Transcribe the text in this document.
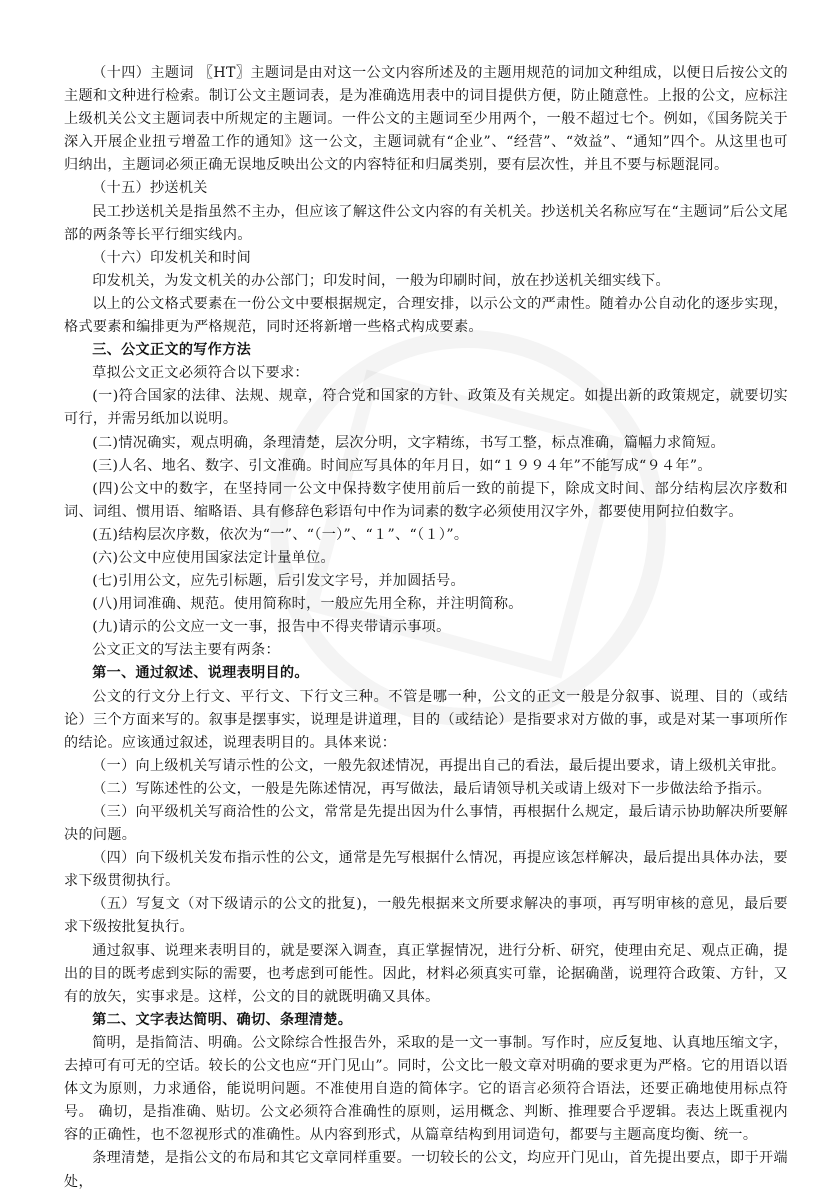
（十四）主题词 〖HT〗主题词是由对这一公文内容所述及的主题用规范的词加文种组成，以便日后按公文的主题和文种进行检索。制订公文主题词表，是为准确选用表中的词目提供方便，防止随意性。上报的公文，应标注上级机关公文主题词表中所规定的主题词。一件公文的主题词至少用两个，一般不超过七个。例如，《国务院关于深入开展企业扭亏增盈工作的通知》这一公文，主题词就有“企业”、“经营”、“效益”、“通知”四个。从这里也可归纳出，主题词必须正确无误地反映出公文的内容特征和归属类别，要有层次性，并且不要与标题混同。

（十五）抄送机关

民工抄送机关是指虽然不主办，但应该了解这件公文内容的有关机关。抄送机关名称应写在“主题词”后公文尾部的两条等长平行细实线内。

（十六）印发机关和时间

印发机关，为发文机关的办公部门；印发时间，一般为印刷时间，放在抄送机关细实线下。

以上的公文格式要素在一份公文中要根据规定，合理安排，以示公文的严肃性。随着办公自动化的逐步实现，格式要素和编排更为严格规范，同时还将新增一些格式构成要素。

三、公文正文的写作方法

草拟公文正文必须符合以下要求：

(一)符合国家的法律、法规、规章，符合党和国家的方针、政策及有关规定。如提出新的政策规定，就要切实可行，并需另纸加以说明。

(二)情况确实，观点明确，条理清楚，层次分明，文字精练，书写工整，标点准确，篇幅力求简短。

(三)人名、地名、数字、引文准确。时间应写具体的年月日，如“１９９４年”不能写成“９４年”。

(四)公文中的数字，在坚持同一公文中保持数字使用前后一致的前提下，除成文时间、部分结构层次序数和词、词组、惯用语、缩略语、具有修辞色彩语句中作为词素的数字必须使用汉字外，都要使用阿拉伯数字。

(五)结构层次序数，依次为“一”、“（一）”、“１”、“（１）”。

(六)公文中应使用国家法定计量单位。

(七)引用公文，应先引标题，后引发文字号，并加圆括号。

(八)用词准确、规范。使用简称时，一般应先用全称，并注明简称。

(九)请示的公文应一文一事，报告中不得夹带请示事项。

公文正文的写法主要有两条：

第一、通过叙述、说理表明目的。

公文的行文分上行文、平行文、下行文三种。不管是哪一种，公文的正文一般是分叙事、说理、目的（或结论）三个方面来写的。叙事是摆事实，说理是讲道理，目的（或结论）是指要求对方做的事，或是对某一事项所作的结论。应该通过叙述，说理表明目的。具体来说：

（一）向上级机关写请示性的公文，一般先叙述情况，再提出自己的看法，最后提出要求，请上级机关审批。

（二）写陈述性的公文，一般是先陈述情况，再写做法，最后请领导机关或请上级对下一步做法给予指示。

（三）向平级机关写商洽性的公文，常常是先提出因为什么事情，再根据什么规定，最后请示协助解决所要解决的问题。

（四）向下级机关发布指示性的公文，通常是先写根据什么情况，再提应该怎样解决，最后提出具体办法，要求下级贯彻执行。

（五）写复文（对下级请示的公文的批复)，一般先根据来文所要求解决的事项，再写明审核的意见，最后要求下级按批复执行。

通过叙事、说理来表明目的，就是要深入调查，真正掌握情况，进行分析、研究，使理由充足、观点正确，提出的目的既考虑到实际的需要，也考虑到可能性。因此，材料必须真实可靠，论据确凿，说理符合政策、方针，又有的放矢，实事求是。这样，公文的目的就既明确又具体。

第二、文字表达简明、确切、条理清楚。

简明，是指简洁、明确。公文除综合性报告外，采取的是一文一事制。写作时，应反复地、认真地压缩文字，去掉可有可无的空话。较长的公文也应“开门见山”。同时，公文比一般文章对明确的要求更为严格。它的用语以语体文为原则，力求通俗，能说明问题。不准使用自造的简体字。它的语言必须符合语法，还要正确地使用标点符号。 确切，是指准确、贴切。公文必须符合准确性的原则，运用概念、判断、推理要合乎逻辑。表达上既重视内容的正确性，也不忽视形式的准确性。从内容到形式，从篇章结构到用词造句，都要与主题高度均衡、统一。

条理清楚，是指公文的布局和其它文章同样重要。一切较长的公文，均应开门见山，首先提出要点，即于开端处，
